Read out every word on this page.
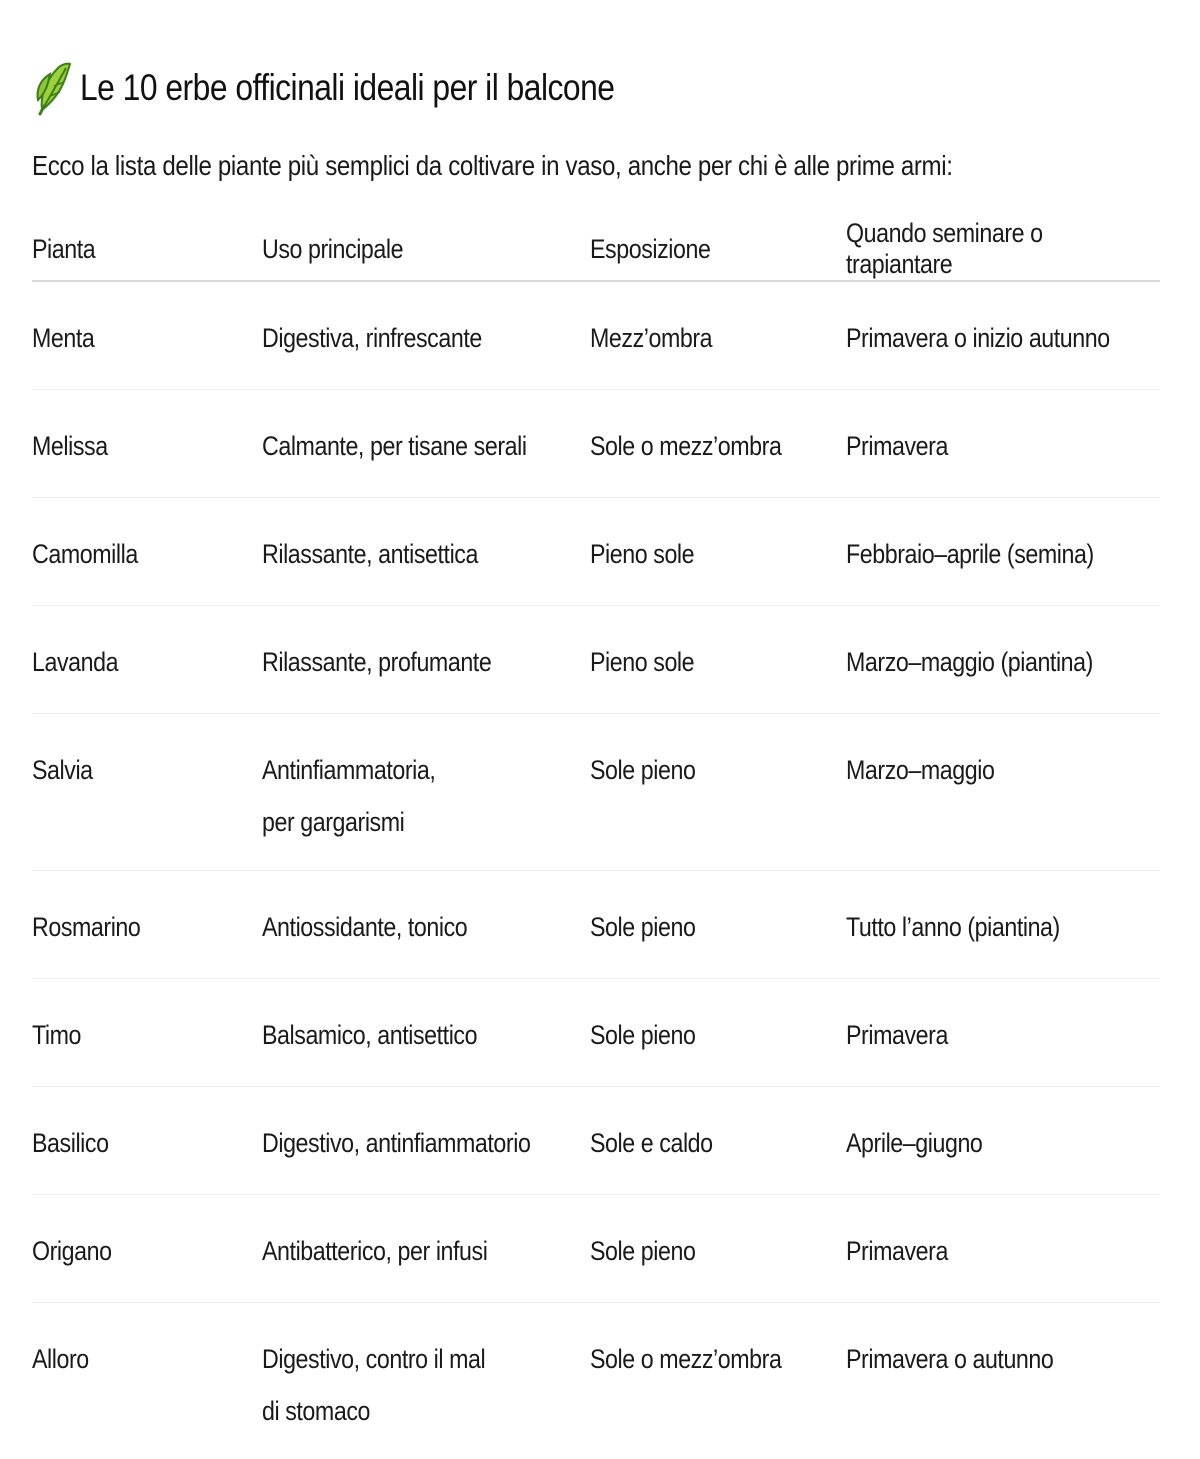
Le 10 erbe officinali ideali per il balcone
Ecco la lista delle piante più semplici da coltivare in vaso, anche per chi è alle prime armi:
Pianta	Uso principale	Esposizione	Quando seminare o trapiantare
Menta	Digestiva, rinfrescante	Mezz’ombra	Primavera o inizio autunno
Melissa	Calmante, per tisane serali	Sole o mezz’ombra	Primavera
Camomilla	Rilassante, antisettica	Pieno sole	Febbraio–aprile (semina)
Lavanda	Rilassante, profumante	Pieno sole	Marzo–maggio (piantina)
Salvia	Antinfiammatoria, per gargarismi	Sole pieno	Marzo–maggio
Rosmarino	Antiossidante, tonico	Sole pieno	Tutto l’anno (piantina)
Timo	Balsamico, antisettico	Sole pieno	Primavera
Basilico	Digestivo, antinfiammatorio	Sole e caldo	Aprile–giugno
Origano	Antibatterico, per infusi	Sole pieno	Primavera
Alloro	Digestivo, contro il mal di stomaco	Sole o mezz’ombra	Primavera o autunno
